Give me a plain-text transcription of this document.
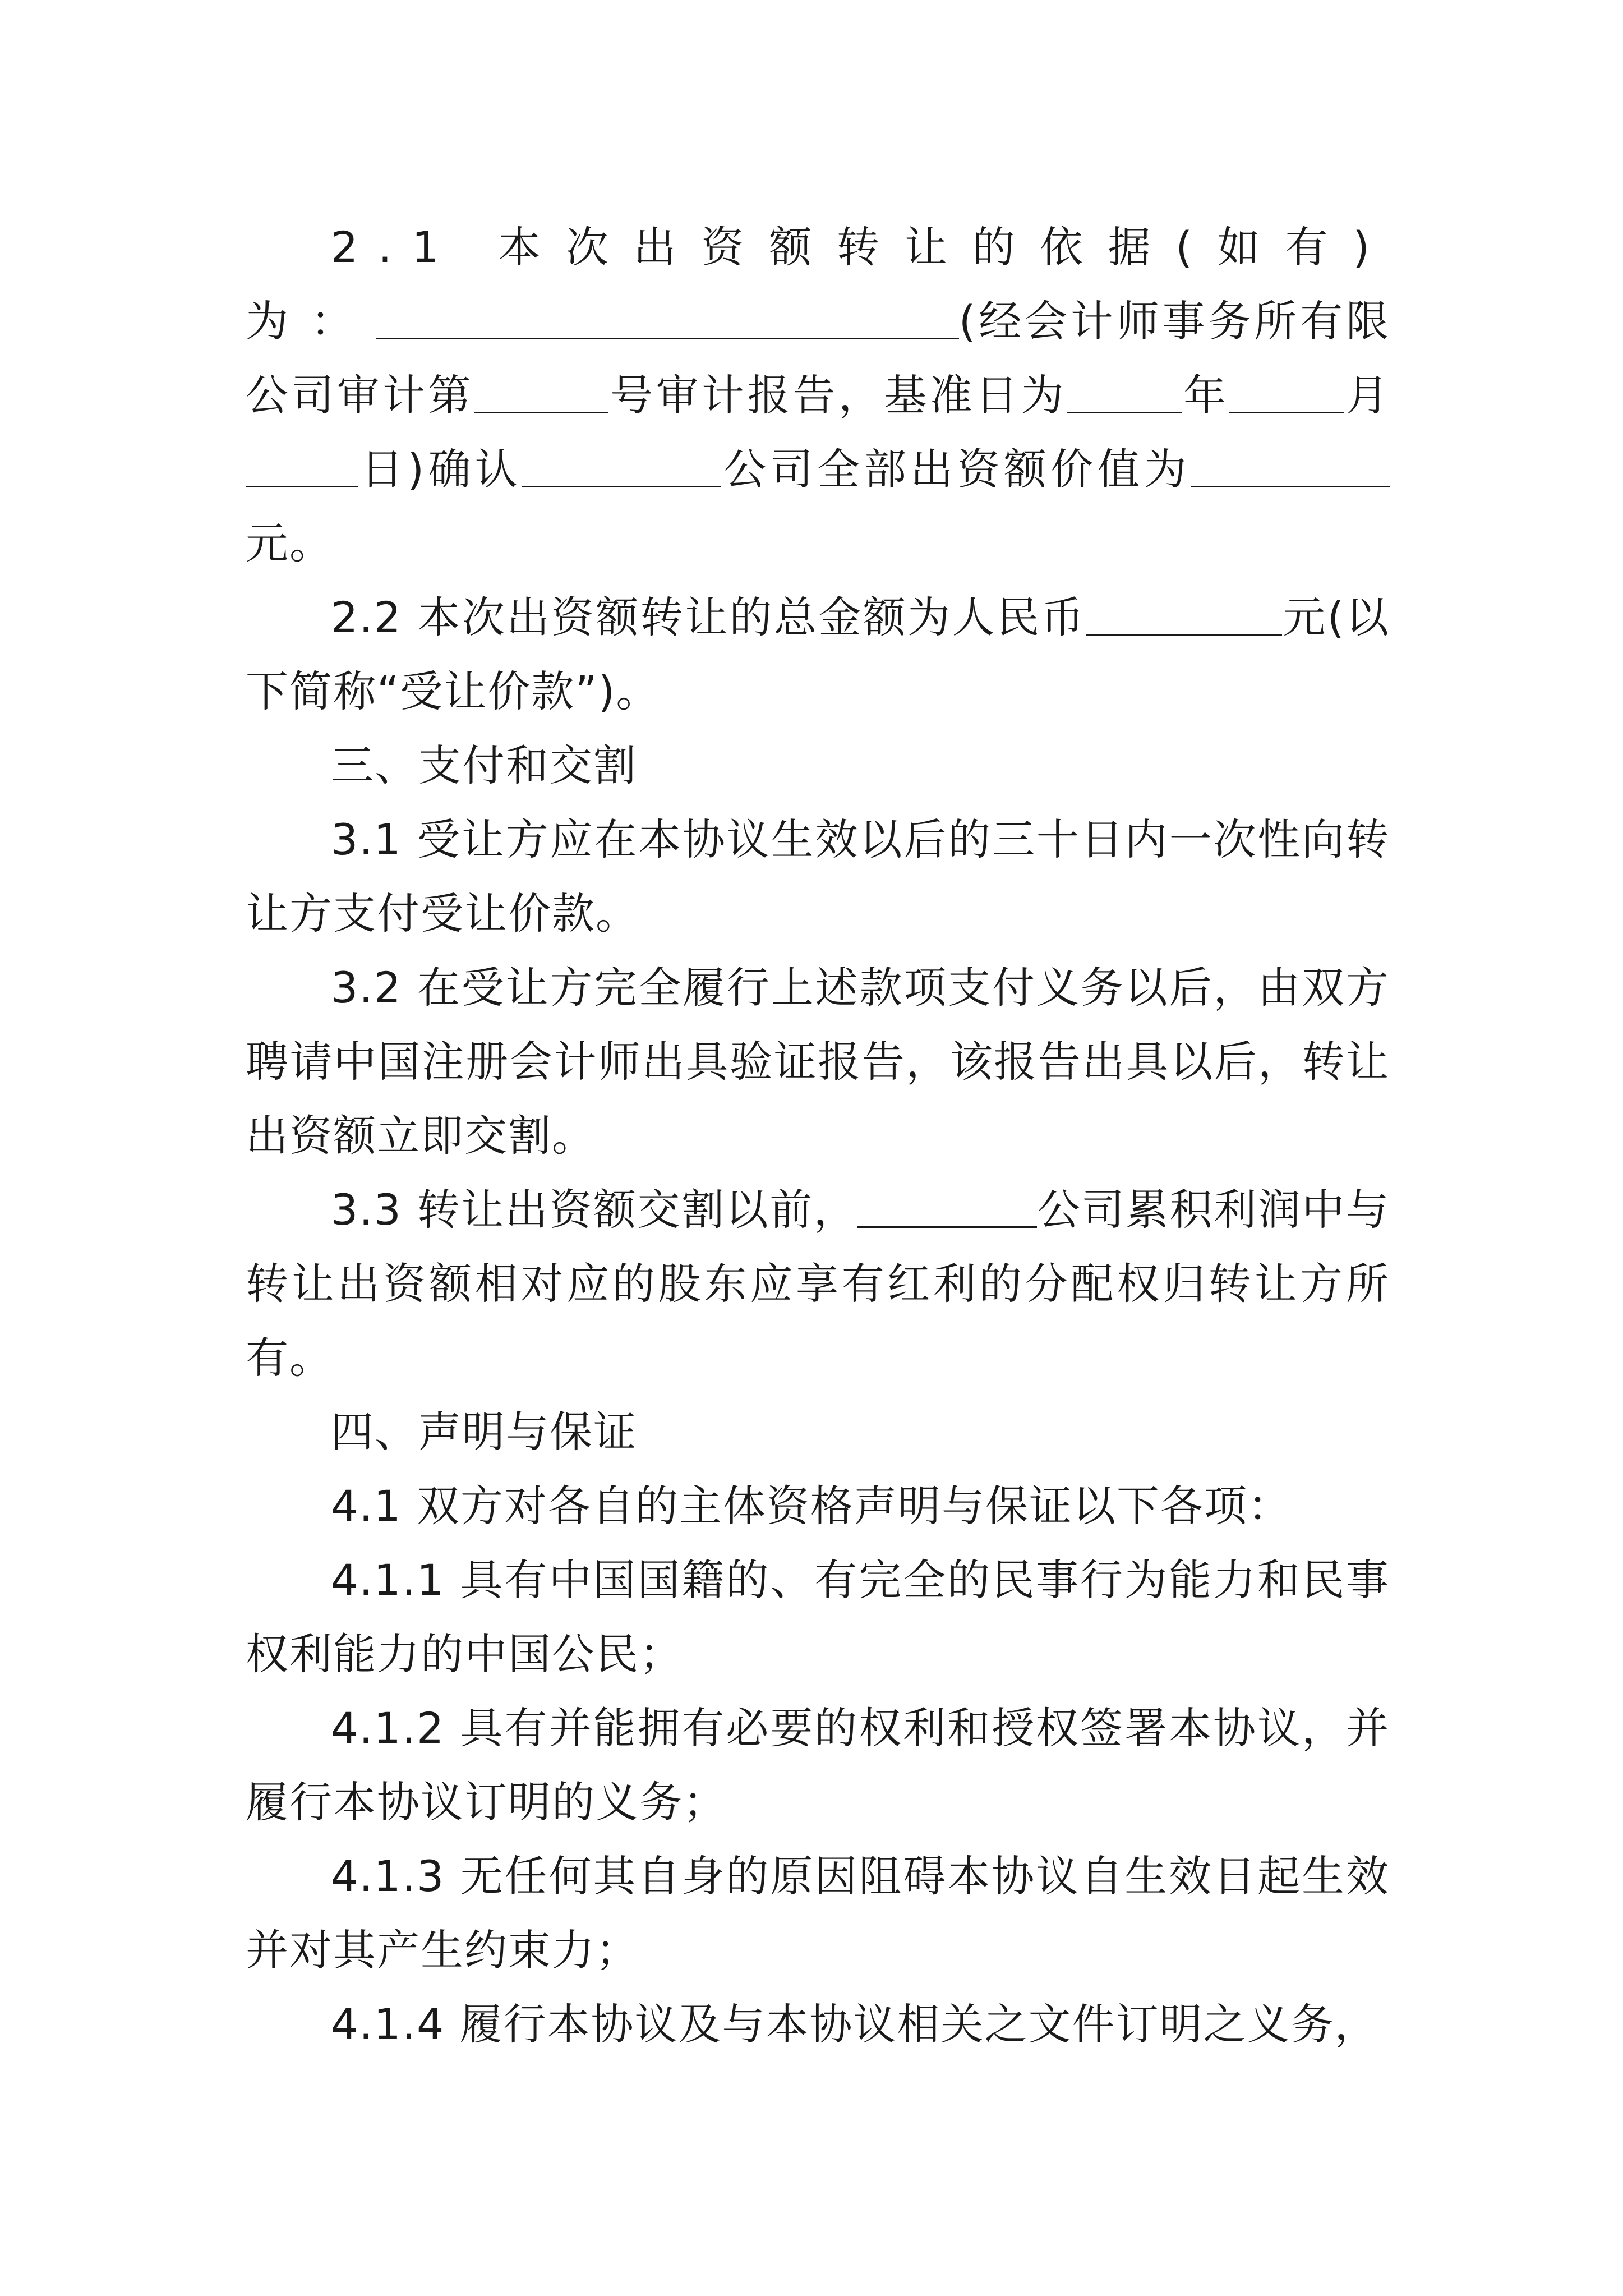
2.1 本次出资额转让的依据(如有)为：	(经会计师事务所有限公司审计第	号审计报告，基准日为	年	月日)确认	公司全部出资额价值为元。

2.2 本次出资额转让的总金额为人民币	元(以下简称“受让价款”)。

三、支付和交割

3.1 受让方应在本协议生效以后的三十日内一次性向转让方支付受让价款。

3.2 在受让方完全履行上述款项支付义务以后，由双方聘请中国注册会计师出具验证报告，该报告出具以后，转让出资额立即交割。

3.3 转让出资额交割以前，	公司累积利润中与转让出资额相对应的股东应享有红利的分配权归转让方所有。

四、声明与保证

4.1 双方对各自的主体资格声明与保证以下各项：

4.1.1 具有中国国籍的、有完全的民事行为能力和民事权利能力的中国公民；

4.1.2 具有并能拥有必要的权利和授权签署本协议，并履行本协议订明的义务；

4.1.3 无任何其自身的原因阻碍本协议自生效日起生效并对其产生约束力；

4.1.4 履行本协议及与本协议相关之文件订明之义务，
